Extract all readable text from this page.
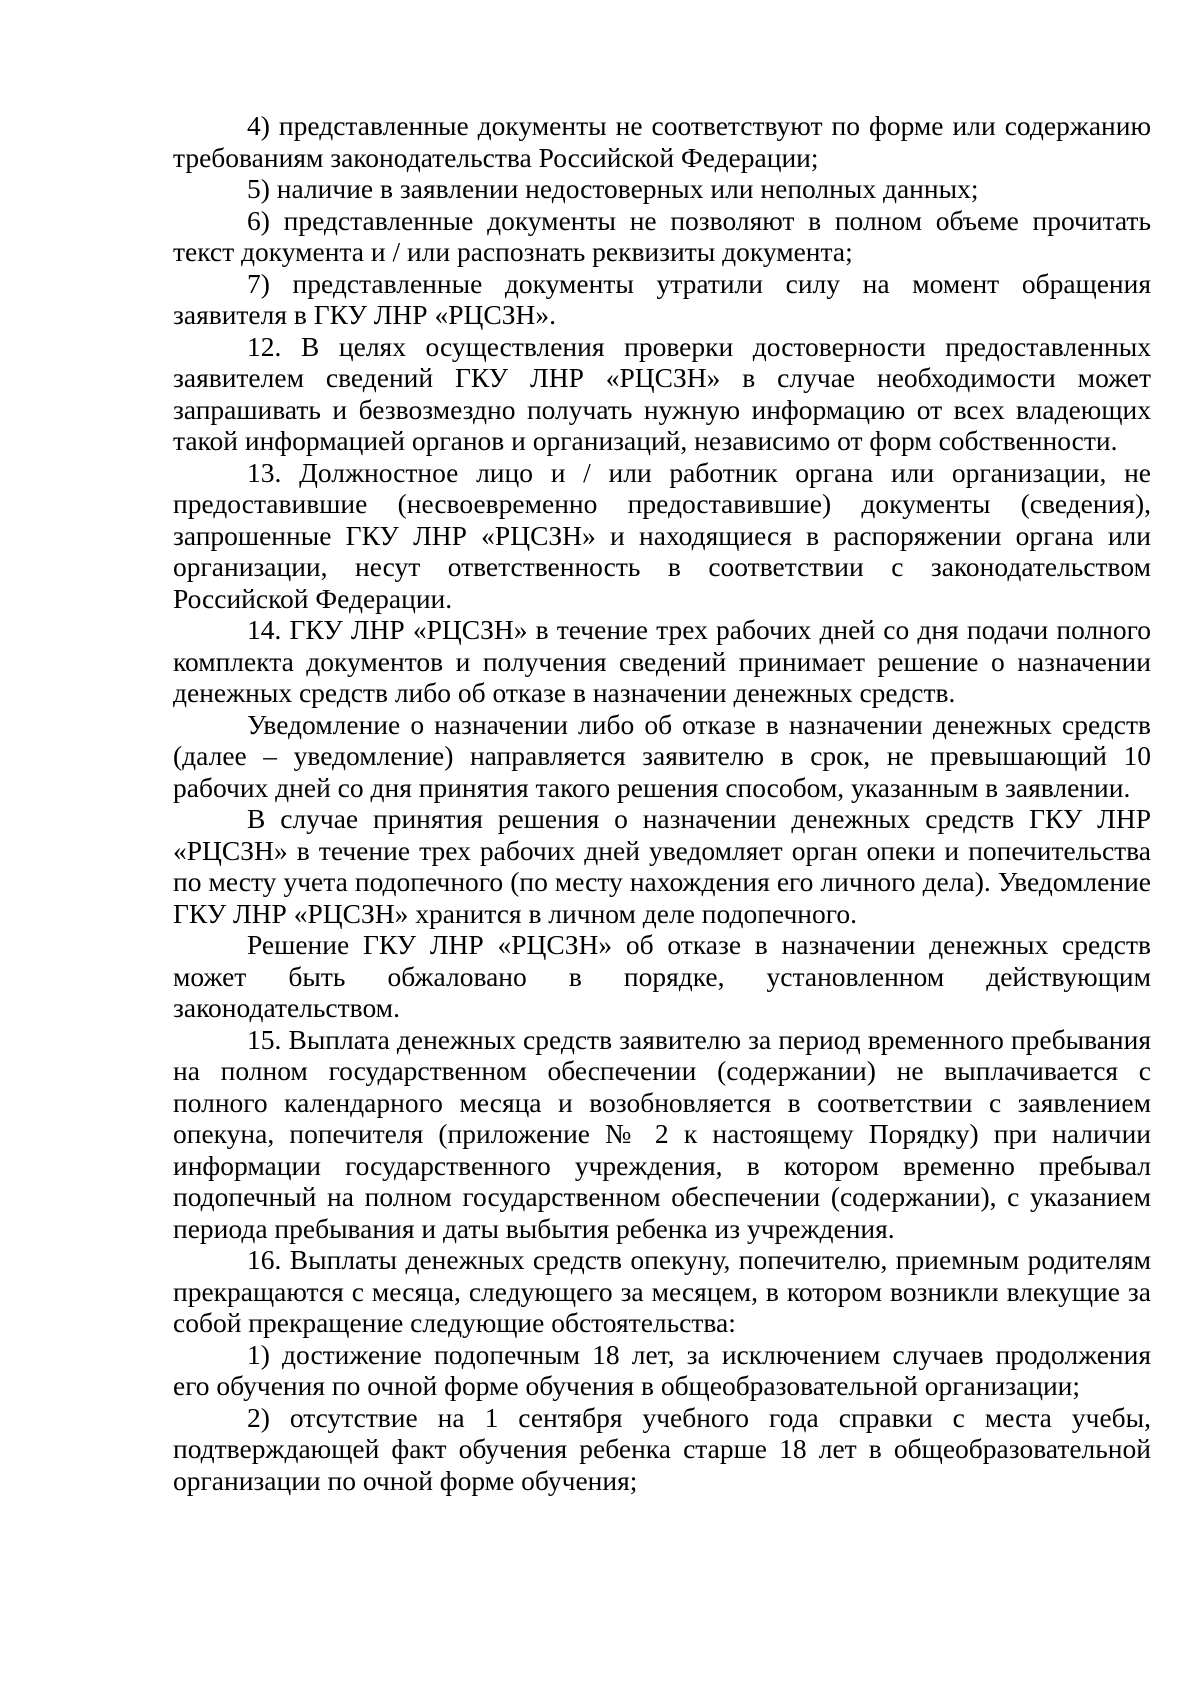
4) представленные документы не соответствуют по форме или содержанию требованиям законодательства Российской Федерации;

5) наличие в заявлении недостоверных или неполных данных;

6) представленные документы не позволяют в полном объеме прочитать текст документа и / или распознать реквизиты документа;

7) представленные документы утратили силу на момент обращения заявителя в ГКУ ЛНР «РЦСЗН».

12. В целях осуществления проверки достоверности предоставленных заявителем сведений ГКУ ЛНР «РЦСЗН» в случае необходимости может запрашивать и безвозмездно получать нужную информацию от всех владеющих такой информацией органов и организаций, независимо от форм собственности.

13. Должностное лицо и / или работник органа или организации, не предоставившие (несвоевременно предоставившие) документы (сведения), запрошенные ГКУ ЛНР «РЦСЗН» и находящиеся в распоряжении органа или организации, несут ответственность в соответствии с законодательством Российской Федерации.

14. ГКУ ЛНР «РЦСЗН» в течение трех рабочих дней со дня подачи полного комплекта документов и получения сведений принимает решение о назначении денежных средств либо об отказе в назначении денежных средств.

Уведомление о назначении либо об отказе в назначении денежных средств (далее – уведомление) направляется заявителю в срок, не превышающий 10 рабочих дней со дня принятия такого решения способом, указанным в заявлении.

В случае принятия решения о назначении денежных средств ГКУ ЛНР «РЦСЗН» в течение трех рабочих дней уведомляет орган опеки и попечительства по месту учета подопечного (по месту нахождения его личного дела). Уведомление ГКУ ЛНР «РЦСЗН» хранится в личном деле подопечного.

Решение ГКУ ЛНР «РЦСЗН» об отказе в назначении денежных средств может быть обжаловано в порядке, установленном действующим законодательством.

15. Выплата денежных средств заявителю за период временного пребывания на полном государственном обеспечении (содержании) не выплачивается с полного календарного месяца и возобновляется в соответствии с заявлением опекуна, попечителя (приложение № 2 к настоящему Порядку) при наличии информации государственного учреждения, в котором временно пребывал подопечный на полном государственном обеспечении (содержании), с указанием периода пребывания и даты выбытия ребенка из учреждения.

16. Выплаты денежных средств опекуну, попечителю, приемным родителям прекращаются с месяца, следующего за месяцем, в котором возникли влекущие за собой прекращение следующие обстоятельства:

1) достижение подопечным 18 лет, за исключением случаев продолжения его обучения по очной форме обучения в общеобразовательной организации;

2) отсутствие на 1 сентября учебного года справки с места учебы, подтверждающей факт обучения ребенка старше 18 лет в общеобразовательной организации по очной форме обучения;
